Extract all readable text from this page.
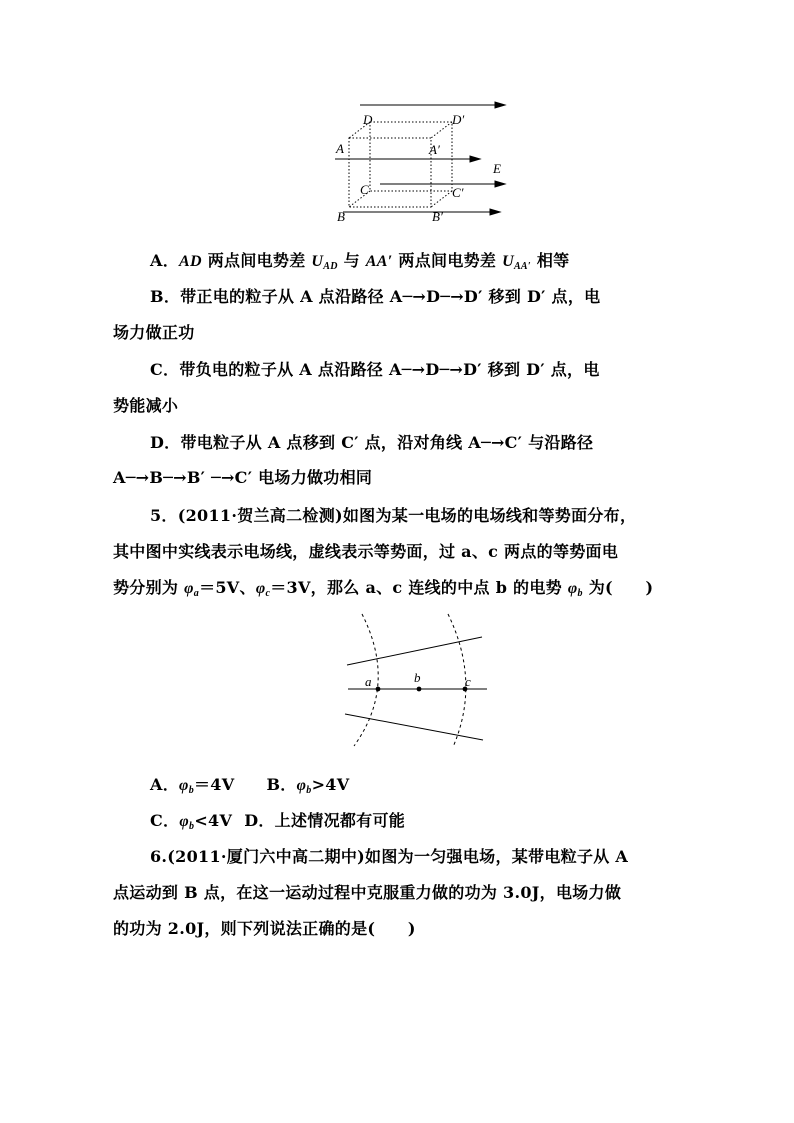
D	D′
A	A′
E
C	C′
B	B′
A．AD 两点间电势差 $U_{AD}$ 与 AA′ 两点间电势差 $U_{AA'}$ 相等
B．带正电的粒子从 A 点沿路径 A─→D─→D′ 移到 D′ 点，电
场力做正功
C．带负电的粒子从 A 点沿路径 A─→D─→D′ 移到 D′ 点，电
势能减小
D．带电粒子从 A 点移到 C′ 点，沿对角线 A─→C′ 与沿路径
A─→B─→B′ ─→C′ 电场力做功相同
5．(2011·贺兰高二检测)如图为某一电场的电场线和等势面分布，
其中图中实线表示电场线，虚线表示等势面，过 a、c 两点的等势面电
势分别为 $\varphi_a=5V$、$\varphi_c=3V$，那么 a、c 连线的中点 b 的电势 $\varphi_b$ 为(　　)
a	b	c
A．$\varphi_b=4V$ B．$\varphi_b>4V$
C．$\varphi_b<4V$ D．上述情况都有可能
6.(2011·厦门六中高二期中)如图为一匀强电场，某带电粒子从 A
点运动到 B 点，在这一运动过程中克服重力做的功为 3.0J，电场力做
的功为 2.0J，则下列说法正确的是(　　)
